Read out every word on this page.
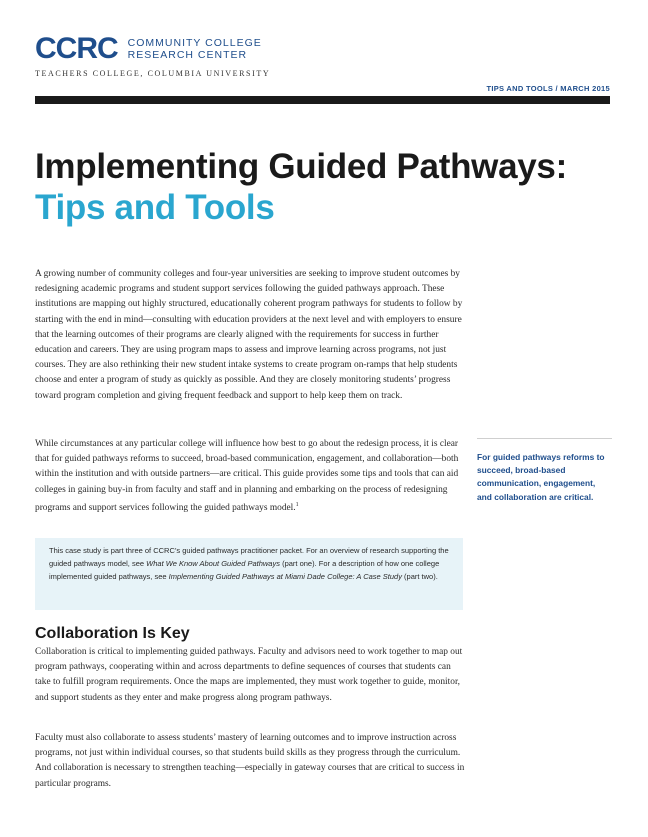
CCRC COMMUNITY COLLEGE
RESEARCH CENTER
TEACHERS COLLEGE, COLUMBIA UNIVERSITY
TIPS AND TOOLS / MARCH 2015
Implementing Guided Pathways: Tips and Tools

A growing number of community colleges and four-year universities are seeking to improve student outcomes by redesigning academic programs and student support services following the guided pathways approach. These institutions are mapping out highly structured, educationally coherent program pathways for students to follow by starting with the end in mind—consulting with education providers at the next level and with employers to ensure that the learning outcomes of their programs are clearly aligned with the requirements for success in further education and careers. They are using program maps to assess and improve learning across programs, not just courses. They are also rethinking their new student intake systems to create program on-ramps that help students choose and enter a program of study as quickly as possible. And they are closely monitoring students’ progress toward program completion and giving frequent feedback and support to help keep them on track.

While circumstances at any particular college will influence how best to go about the redesign process, it is clear that for guided pathways reforms to succeed, broad-based communication, engagement, and collaboration—both within the institution and with outside partners—are critical. This guide provides some tips and tools that can aid colleges in gaining buy-in from faculty and staff and in planning and embarking on the process of redesigning programs and support services following the guided pathways model.$^1$

For guided pathways reforms to succeed, broad-based communication, engagement, and collaboration are critical.

This case study is part three of CCRC’s guided pathways practitioner packet. For an overview of research supporting the guided pathways model, see What We Know About Guided Pathways (part one). For a description of how one college implemented guided pathways, see Implementing Guided Pathways at Miami Dade College: A Case Study (part two).
Collaboration Is Key

Collaboration is critical to implementing guided pathways. Faculty and advisors need to work together to map out program pathways, cooperating within and across departments to define sequences of courses that students can take to fulfill program requirements. Once the maps are implemented, they must work together to guide, monitor, and support students as they enter and make progress along program pathways.

Faculty must also collaborate to assess students’ mastery of learning outcomes and to improve instruction across programs, not just within individual courses, so that students build skills as they progress through the curriculum. And collaboration is necessary to strengthen teaching—especially in gateway courses that are critical to success in particular programs.
